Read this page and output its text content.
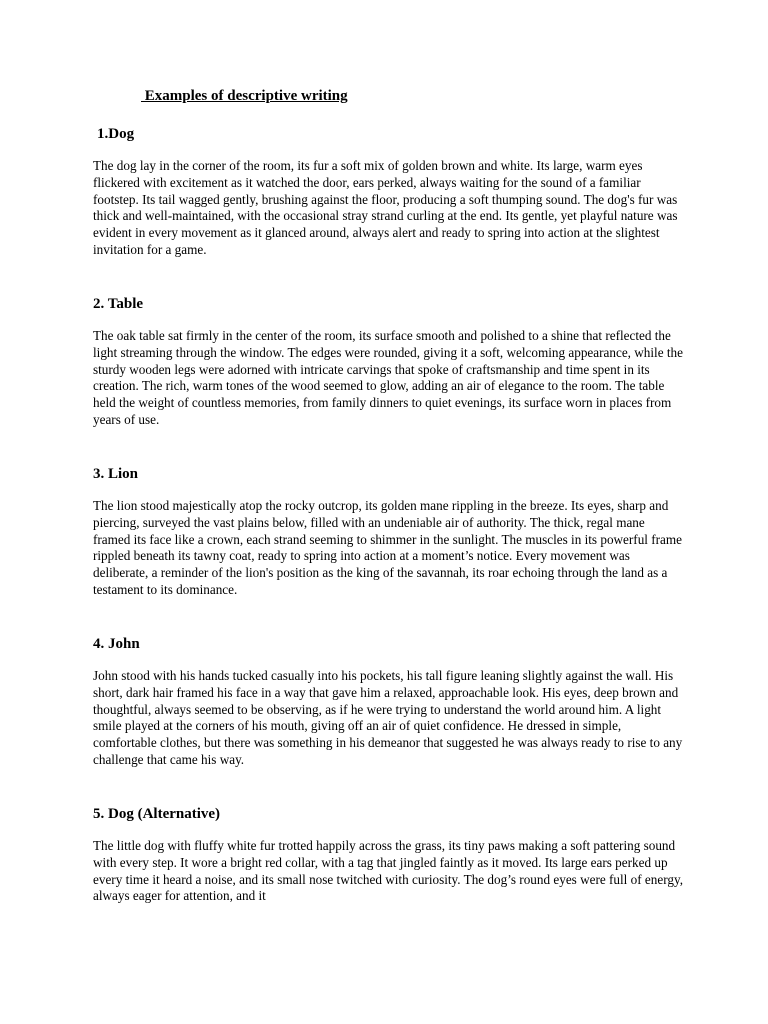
Examples of descriptive writing
1.Dog

The dog lay in the corner of the room, its fur a soft mix of golden brown and white. Its large, warm eyes flickered with excitement as it watched the door, ears perked, always waiting for the sound of a familiar footstep. Its tail wagged gently, brushing against the floor, producing a soft thumping sound. The dog's fur was thick and well-maintained, with the occasional stray strand curling at the end. Its gentle, yet playful nature was evident in every movement as it glanced around, always alert and ready to spring into action at the slightest invitation for a game.

2. Table

The oak table sat firmly in the center of the room, its surface smooth and polished to a shine that reflected the light streaming through the window. The edges were rounded, giving it a soft, welcoming appearance, while the sturdy wooden legs were adorned with intricate carvings that spoke of craftsmanship and time spent in its creation. The rich, warm tones of the wood seemed to glow, adding an air of elegance to the room. The table held the weight of countless memories, from family dinners to quiet evenings, its surface worn in places from years of use.

3. Lion

The lion stood majestically atop the rocky outcrop, its golden mane rippling in the breeze. Its eyes, sharp and piercing, surveyed the vast plains below, filled with an undeniable air of authority. The thick, regal mane framed its face like a crown, each strand seeming to shimmer in the sunlight. The muscles in its powerful frame rippled beneath its tawny coat, ready to spring into action at a moment’s notice. Every movement was deliberate, a reminder of the lion's position as the king of the savannah, its roar echoing through the land as a testament to its dominance.

4. John

John stood with his hands tucked casually into his pockets, his tall figure leaning slightly against the wall. His short, dark hair framed his face in a way that gave him a relaxed, approachable look. His eyes, deep brown and thoughtful, always seemed to be observing, as if he were trying to understand the world around him. A light smile played at the corners of his mouth, giving off an air of quiet confidence. He dressed in simple, comfortable clothes, but there was something in his demeanor that suggested he was always ready to rise to any challenge that came his way.

5. Dog (Alternative)

The little dog with fluffy white fur trotted happily across the grass, its tiny paws making a soft pattering sound with every step. It wore a bright red collar, with a tag that jingled faintly as it moved. Its large ears perked up every time it heard a noise, and its small nose twitched with curiosity. The dog’s round eyes were full of energy, always eager for attention, and it
